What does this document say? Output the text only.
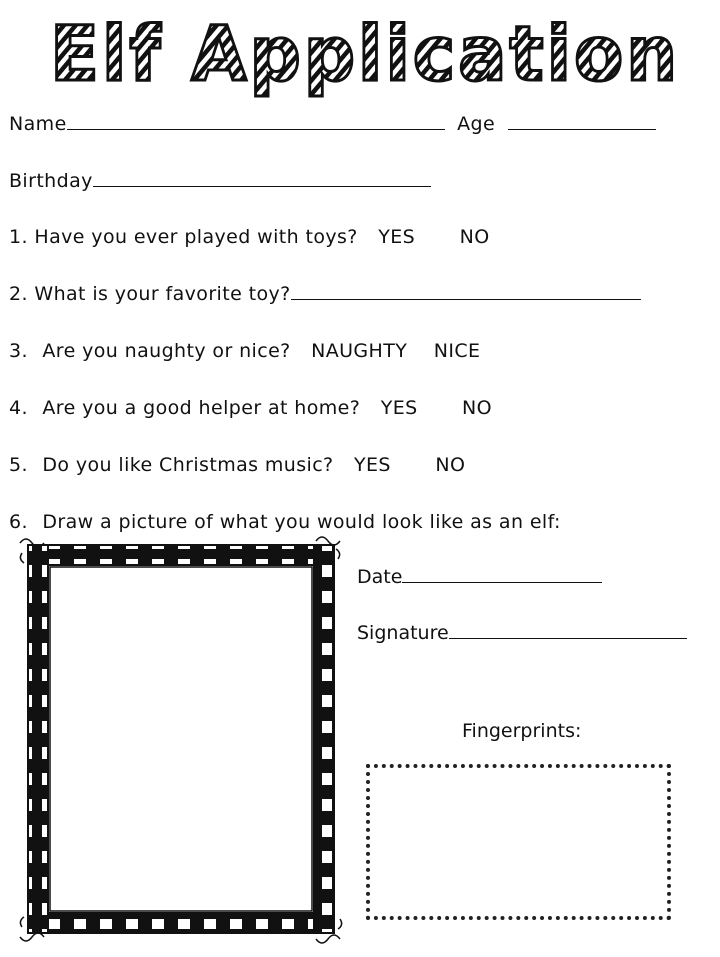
Elf Application
Name	Age
Birthday
1. Have you ever played with toys? YES NO
2. What is your favorite toy?
3. Are you naughty or nice? NAUGHTY NICE
4. Are you a good helper at home? YES NO
5. Do you like Christmas music? YES NO
6. Draw a picture of what you would look like as an elf:
Date
Signature
Fingerprints:
